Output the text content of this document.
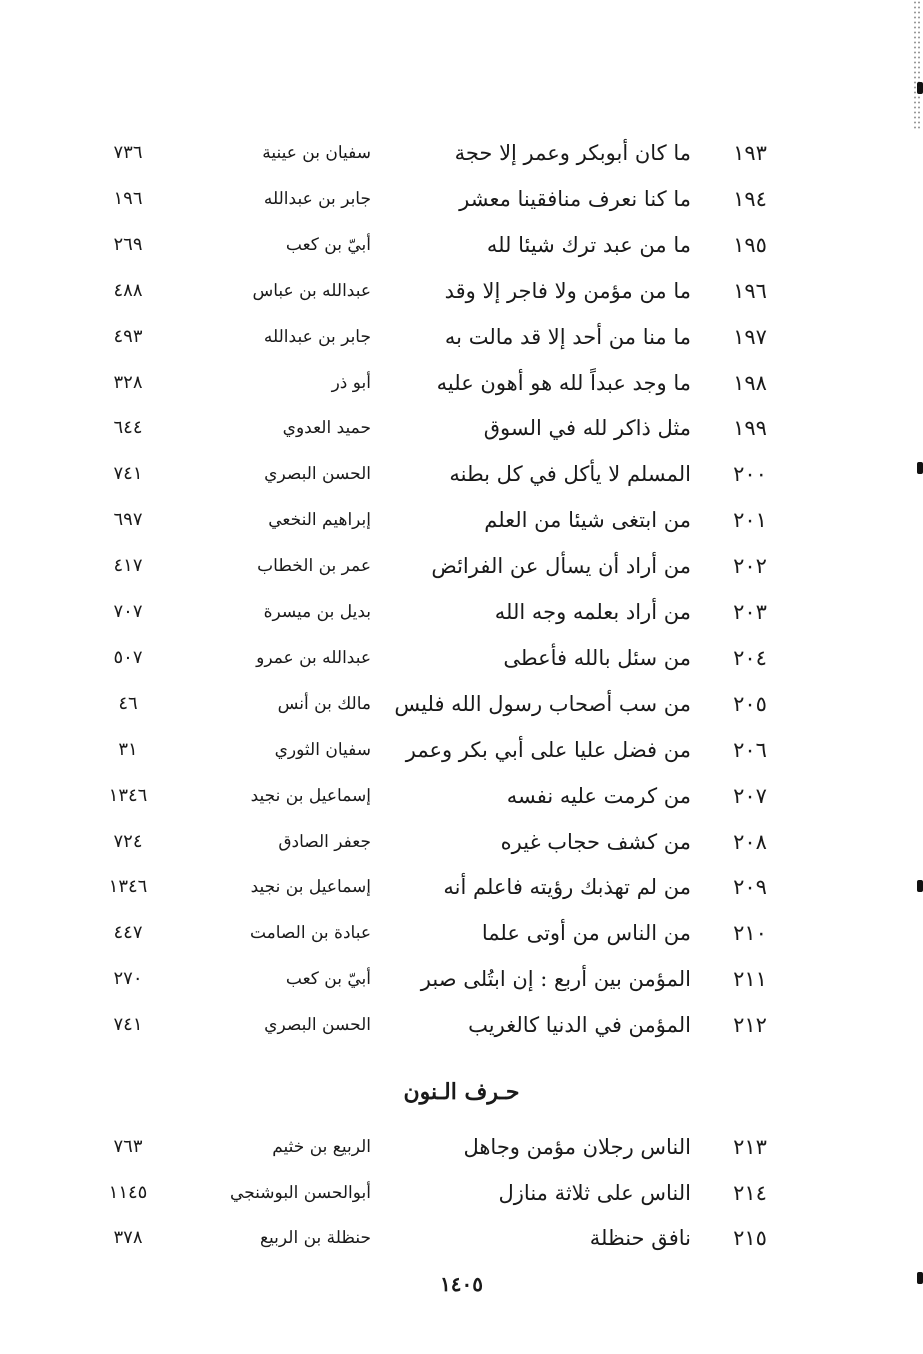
١٩٣
ما كان أبوبكر وعمر إلا حجة
سفيان بن عينية
٧٣٦
١٩٤
ما كنا نعرف منافقينا معشر
جابر بن عبدالله
١٩٦
١٩٥
ما من عبد ترك شيئا لله
أبيّ بن كعب
٢٦٩
١٩٦
ما من مؤمن ولا فاجر إلا وقد
عبدالله بن عباس
٤٨٨
١٩٧
ما منا من أحد إلا قد مالت به
جابر بن عبدالله
٤٩٣
١٩٨
ما وجد عبداً لله هو أهون عليه
أبو ذر
٣٢٨
١٩٩
مثل ذاكر لله في السوق
حميد العدوي
٦٤٤
٢٠٠
المسلم لا يأكل في كل بطنه
الحسن البصري
٧٤١
٢٠١
من ابتغى شيئا من العلم
إبراهيم النخعي
٦٩٧
٢٠٢
من أراد أن يسأل عن الفرائض
عمر بن الخطاب
٤١٧
٢٠٣
من أراد بعلمه وجه الله
بديل بن ميسرة
٧٠٧
٢٠٤
من سئل بالله فأعطى
عبدالله بن عمرو
٥٠٧
٢٠٥
من سب أصحاب رسول الله فليس
مالك بن أنس
٤٦
٢٠٦
من فضل عليا على أبي بكر وعمر
سفيان الثوري
٣١
٢٠٧
من كرمت عليه نفسه
إسماعيل بن نجيد
١٣٤٦
٢٠٨
من كشف حجاب غيره
جعفر الصادق
٧٢٤
٢٠٩
من لم تهذبك رؤيته فاعلم أنه
إسماعيل بن نجيد
١٣٤٦
٢١٠
من الناس من أوتى علما
عبادة بن الصامت
٤٤٧
٢١١
المؤمن بين أربع : إن ابتُلى صبر
أبيّ بن كعب
٢٧٠
٢١٢
المؤمن في الدنيا كالغريب
الحسن البصري
٧٤١
حـرف الـنون
٢١٣
الناس رجلان مؤمن وجاهل
الربيع بن خثيم
٧٦٣
٢١٤
الناس على ثلاثة منازل
أبوالحسن البوشنجي
١١٤٥
٢١٥
نافق حنظلة
حنظلة بن الربيع
٣٧٨
١٤٠٥
